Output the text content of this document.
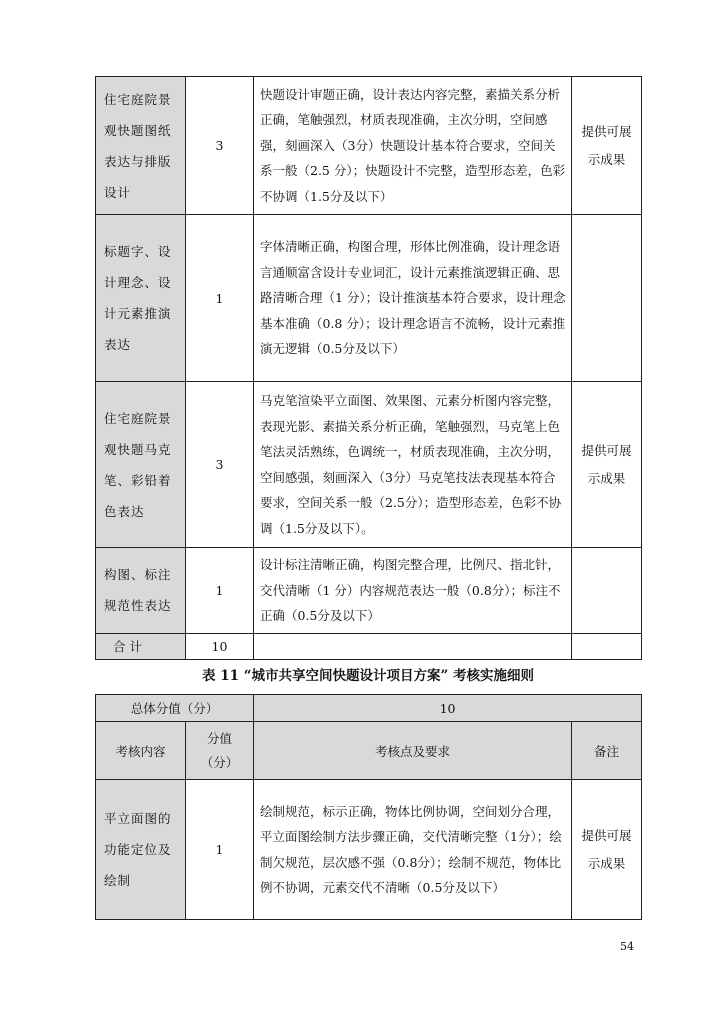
住宅庭院景观快题图纸表达与排版设计	3	快题设计审题正确，设计表达内容完整，素描关系分析正确，笔触强烈，材质表现准确，主次分明，空间感强，刻画深入（3分）快题设计基本符合要求，空间关系一般（2.5 分）；快题设计不完整，造型形态差，色彩不协调（1.5分及以下）	提供可展示成果
标题字、设计理念、设计元素推演表达	1	字体清晰正确，构图合理，形体比例准确，设计理念语言通顺富含设计专业词汇，设计元素推演逻辑正确、思路清晰合理（1 分）；设计推演基本符合要求，设计理念基本准确（0.8 分）；设计理念语言不流畅，设计元素推演无逻辑（0.5分及以下）	
住宅庭院景观快题马克笔、彩铅着色表达	3	马克笔渲染平立面图、效果图、元素分析图内容完整，表现光影、素描关系分析正确，笔触强烈，马克笔上色笔法灵活熟练，色调统一，材质表现准确，主次分明，空间感强，刻画深入（3分）马克笔技法表现基本符合要求，空间关系一般（2.5分）；造型形态差，色彩不协调（1.5分及以下）。	提供可展示成果
构图、标注规范性表达	1	设计标注清晰正确，构图完整合理，比例尺、指北针，交代清晰（1 分）内容规范表达一般（0.8分）；标注不正确（0.5分及以下）	
合 计	10		
表 11 “城市共享空间快题设计项目方案” 考核实施细则
总体分值（分）		10	
考核内容	分值（分）	考核点及要求	备注
平立面图的功能定位及绘制	1	绘制规范，标示正确，物体比例协调，空间划分合理，平立面图绘制方法步骤正确，交代清晰完整（1分）；绘制欠规范，层次感不强（0.8分）；绘制不规范，物体比例不协调，元素交代不清晰（0.5分及以下）	提供可展示成果
54
